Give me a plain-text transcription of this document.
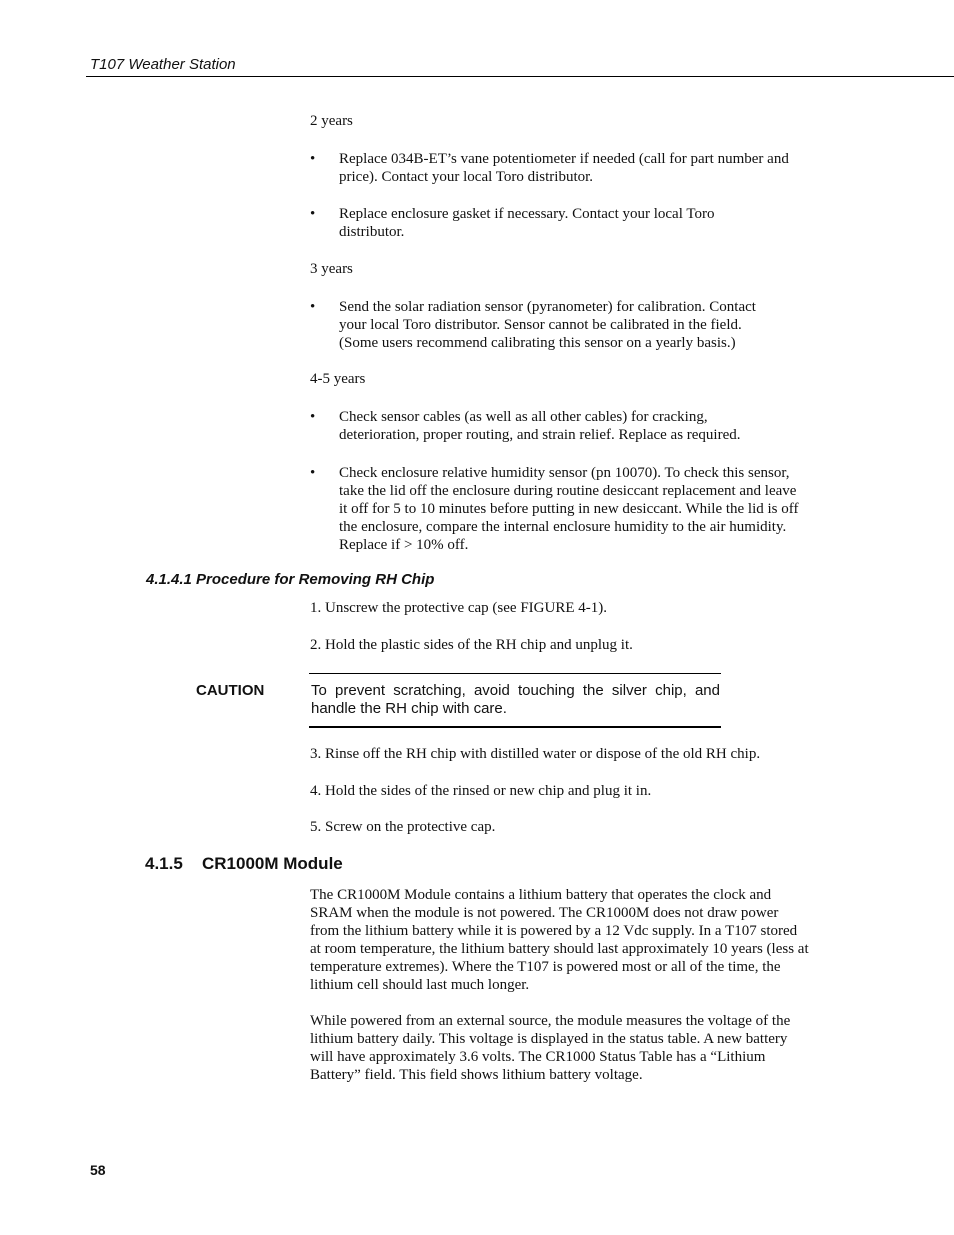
T107 Weather Station

2 years

•	Replace 034B-ET’s vane potentiometer if needed (call for part number and price). Contact your local Toro distributor.
•	Replace enclosure gasket if necessary. Contact your local Toro distributor.

3 years

•	Send the solar radiation sensor (pyranometer) for calibration. Contact your local Toro distributor. Sensor cannot be calibrated in the field. (Some users recommend calibrating this sensor on a yearly basis.)

4-5 years

•	Check sensor cables (as well as all other cables) for cracking, deterioration, proper routing, and strain relief. Replace as required.
•	Check enclosure relative humidity sensor (pn 10070). To check this sensor, take the lid off the enclosure during routine desiccant replacement and leave it off for 5 to 10 minutes before putting in new desiccant. While the lid is off the enclosure, compare the internal enclosure humidity to the air humidity. Replace if > 10% off.
4.1.4.1 Procedure for Removing RH Chip
1. Unscrew the protective cap (see FIGURE 4-1).
2. Hold the plastic sides of the RH chip and unplug it.
CAUTION	To prevent scratching, avoid touching the silver chip, and handle the RH chip with care.
3. Rinse off the RH chip with distilled water or dispose of the old RH chip.
4. Hold the sides of the rinsed or new chip and plug it in.
5. Screw on the protective cap.
4.1.5 CR1000M Module

The CR1000M Module contains a lithium battery that operates the clock and SRAM when the module is not powered. The CR1000M does not draw power from the lithium battery while it is powered by a 12 Vdc supply. In a T107 stored at room temperature, the lithium battery should last approximately 10 years (less at temperature extremes). Where the T107 is powered most or all of the time, the lithium cell should last much longer.

While powered from an external source, the module measures the voltage of the lithium battery daily. This voltage is displayed in the status table. A new battery will have approximately 3.6 volts. The CR1000 Status Table has a “Lithium Battery” field. This field shows lithium battery voltage.

58
